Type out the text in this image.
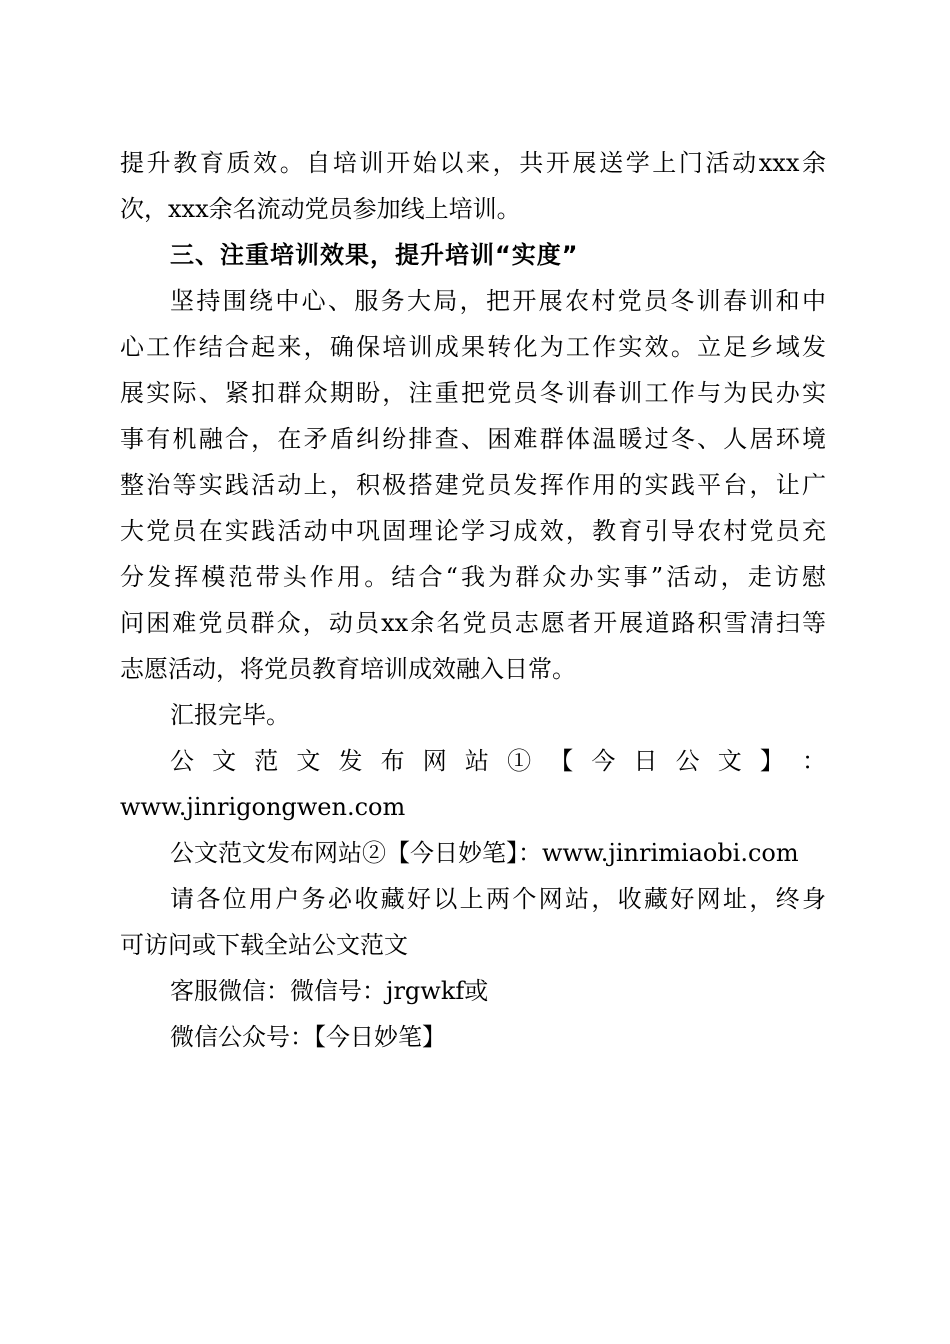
提升教育质效。自培训开始以来，共开展送学上门活动xxx余
次，xxx余名流动党员参加线上培训。
三、注重培训效果，提升培训“实度”
坚持围绕中心、服务大局，把开展农村党员冬训春训和中
心工作结合起来，确保培训成果转化为工作实效。立足乡域发
展实际、紧扣群众期盼，注重把党员冬训春训工作与为民办实
事有机融合，在矛盾纠纷排查、困难群体温暖过冬、人居环境
整治等实践活动上，积极搭建党员发挥作用的实践平台，让广
大党员在实践活动中巩固理论学习成效，教育引导农村党员充
分发挥模范带头作用。结合“我为群众办实事”活动，走访慰
问困难党员群众，动员xx余名党员志愿者开展道路积雪清扫等
志愿活动，将党员教育培训成效融入日常。
汇报完毕。
公 文 范 文 发 布 网 站 ① 【 今 日 公 文 】 ：
www.jinrigongwen.com
公文范文发布网站②【今日妙笔】：www.jinrimiaobi.com
请各位用户务必收藏好以上两个网站，收藏好网址，终身
可访问或下载全站公文范文
客服微信：微信号：jrgwkf或
微信公众号：【今日妙笔】
